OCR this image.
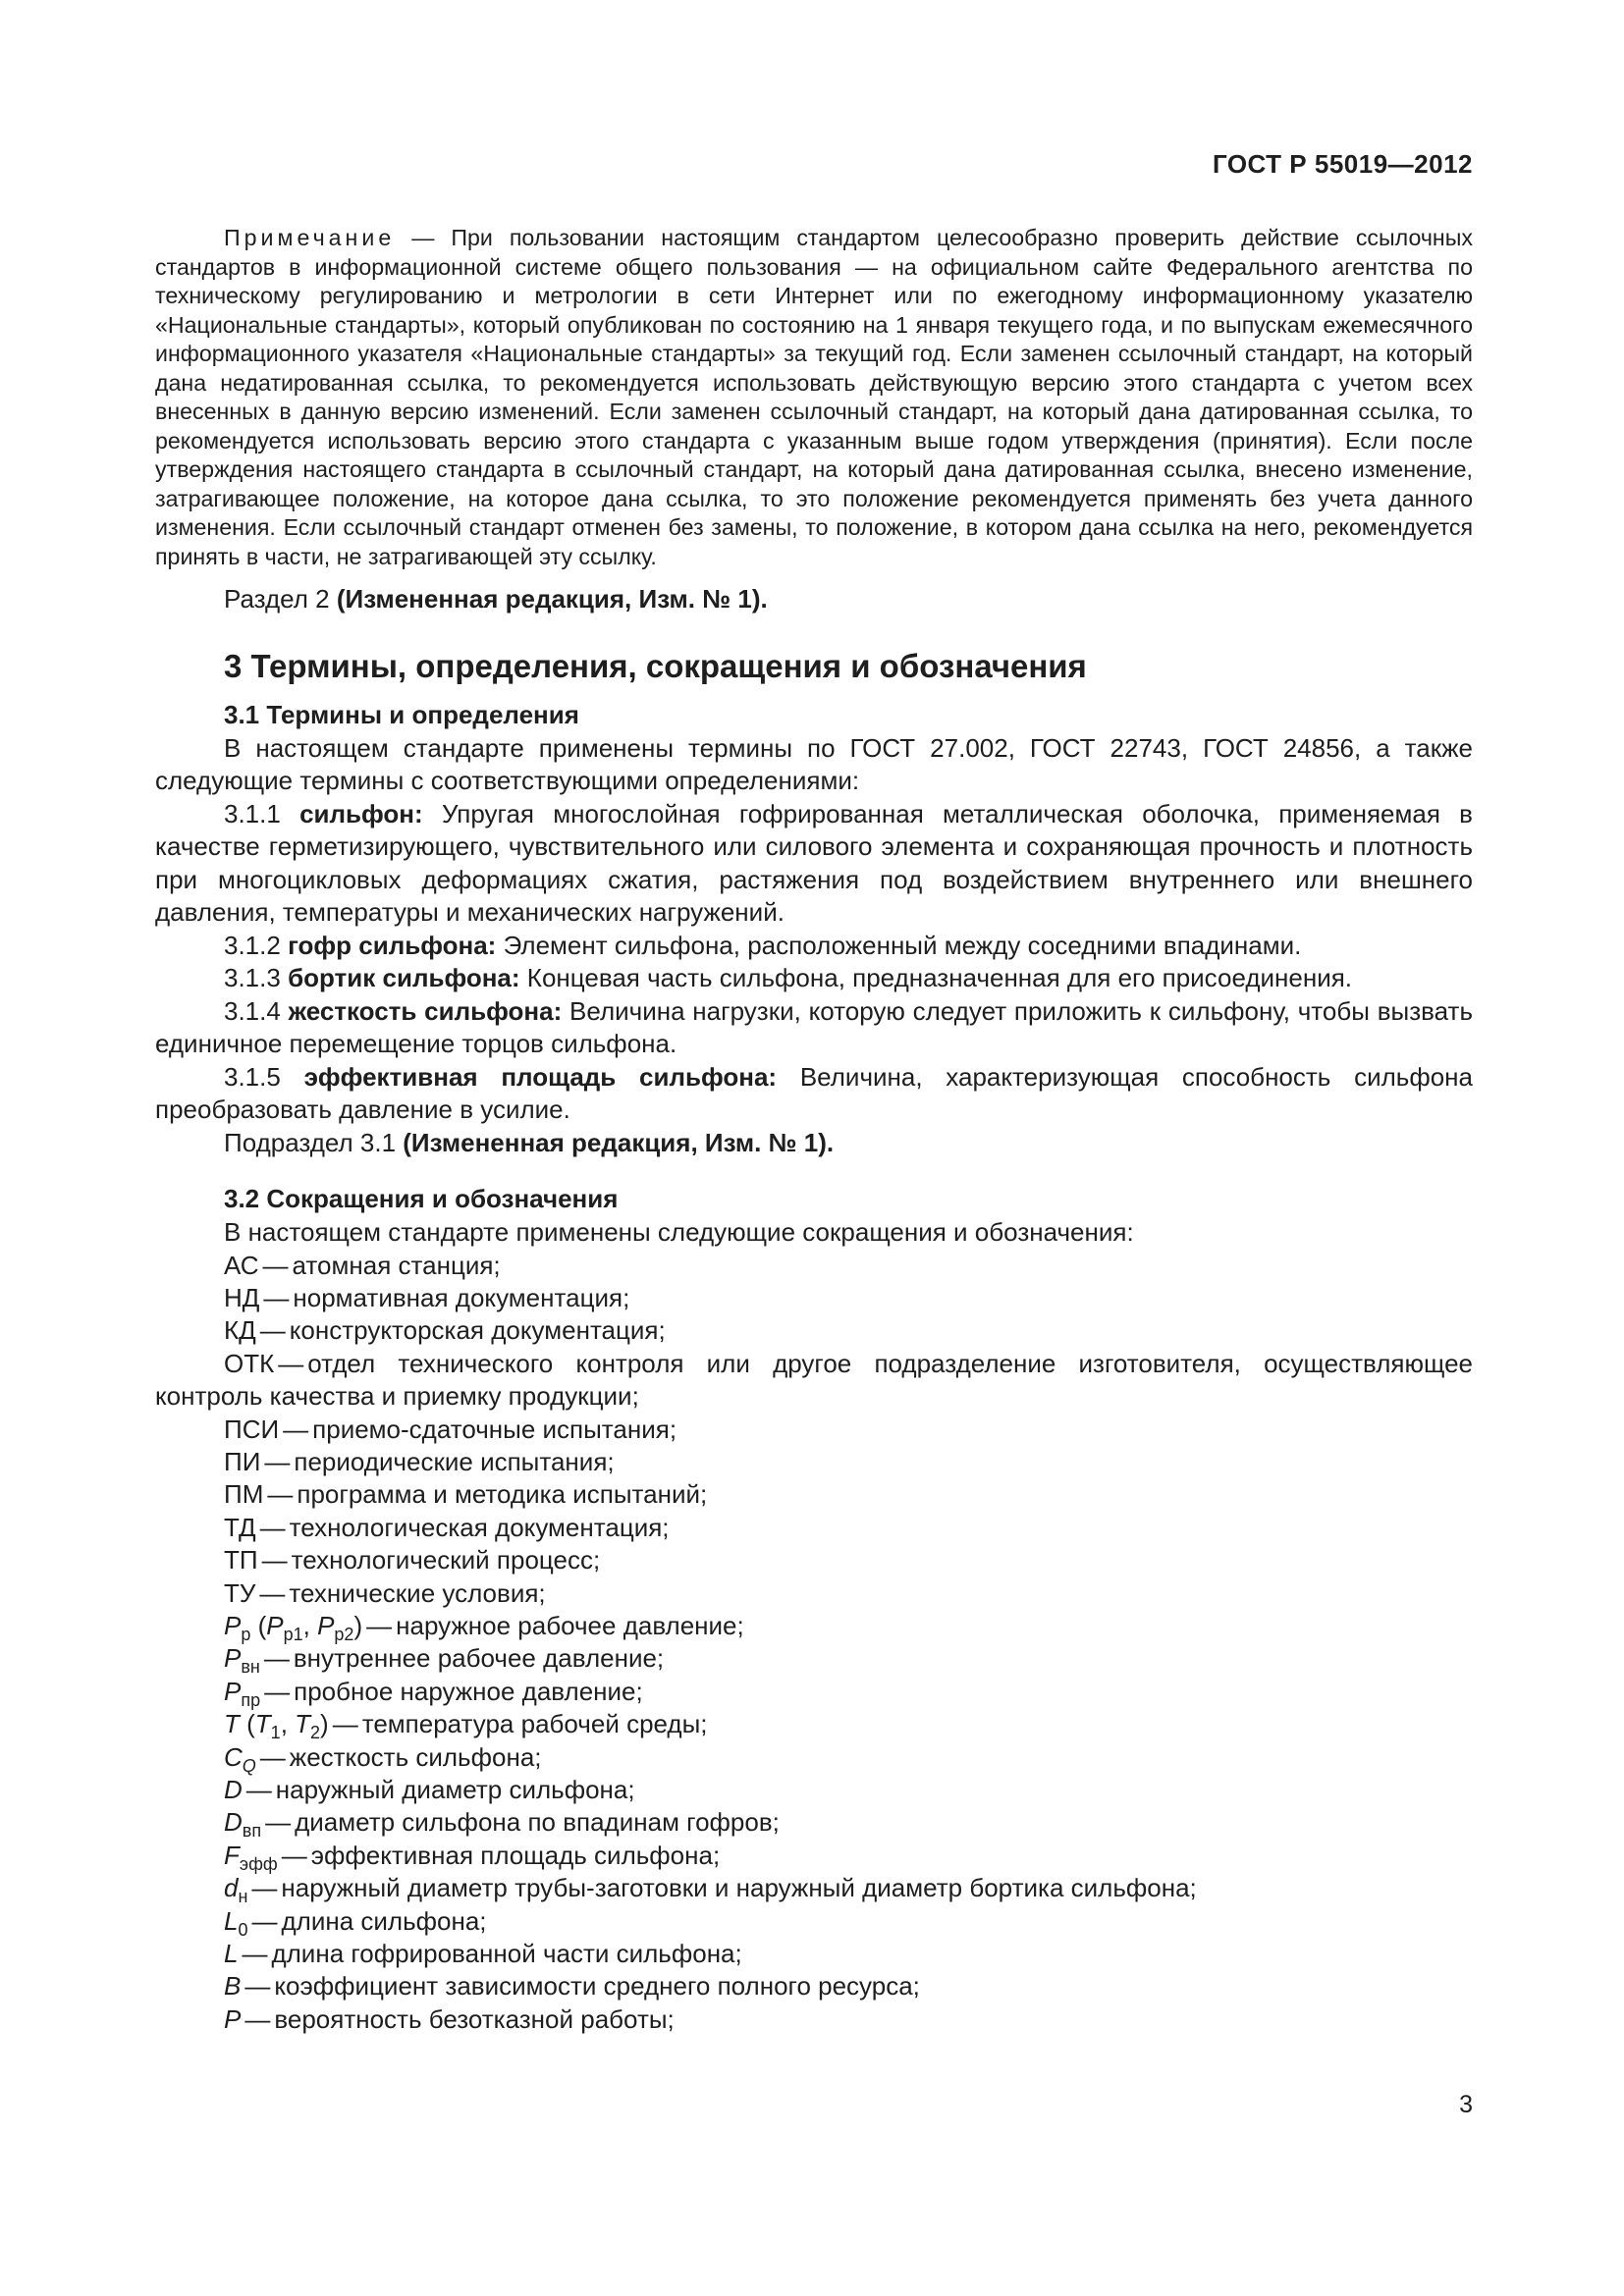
ГОСТ Р 55019—2012

Примечание — При пользовании настоящим стандартом целесообразно проверить действие ссылочных стандартов в информационной системе общего пользования — на официальном сайте Федерального агентства по техническому регулированию и метрологии в сети Интернет или по ежегодному информационному указателю «Национальные стандарты», который опубликован по состоянию на 1 января текущего года, и по выпускам ежемесячного информационного указателя «Национальные стандарты» за текущий год. Если заменен ссылочный стандарт, на который дана недатированная ссылка, то рекомендуется использовать действующую версию этого стандарта с учетом всех внесенных в данную версию изменений. Если заменен ссылочный стандарт, на который дана датированная ссылка, то рекомендуется использовать версию этого стандарта с указанным выше годом утверждения (принятия). Если после утверждения настоящего стандарта в ссылочный стандарт, на который дана датированная ссылка, внесено изменение, затрагивающее положение, на которое дана ссылка, то это положение рекомендуется применять без учета данного изменения. Если ссылочный стандарт отменен без замены, то положение, в котором дана ссылка на него, рекомендуется принять в части, не затрагивающей эту ссылку.

Раздел 2 (Измененная редакция, Изм. № 1).

3 Термины, определения, сокращения и обозначения
3.1 Термины и определения

В настоящем стандарте применены термины по ГОСТ 27.002, ГОСТ 22743, ГОСТ 24856, а также следующие термины с соответствующими определениями:

3.1.1 сильфон: Упругая многослойная гофрированная металлическая оболочка, применяемая в качестве герметизирующего, чувствительного или силового элемента и сохраняющая прочность и плотность при многоцикловых деформациях сжатия, растяжения под воздействием внутреннего или внешнего давления, температуры и механических нагружений.

3.1.2 гофр сильфона: Элемент сильфона, расположенный между соседними впадинами.

3.1.3 бортик сильфона: Концевая часть сильфона, предназначенная для его присоединения.

3.1.4 жесткость сильфона: Величина нагрузки, которую следует приложить к сильфону, чтобы вызвать единичное перемещение торцов сильфона.

3.1.5 эффективная площадь сильфона: Величина, характеризующая способность сильфона преобразовать давление в усилие.

Подраздел 3.1 (Измененная редакция, Изм. № 1).

3.2 Сокращения и обозначения

В настоящем стандарте применены следующие сокращения и обозначения:

АС — атомная станция;
НД — нормативная документация;
КД — конструкторская документация;
ОТК — отдел технического контроля или другое подразделение изготовителя, осуществляющее контроль качества и приемку продукции;
ПСИ — приемо-сдаточные испытания;
ПИ — периодические испытания;
ПМ — программа и методика испытаний;
ТД — технологическая документация;
ТП — технологический процесс;
ТУ — технические условия;
$P_р$ ($P_{р1}$, $P_{р2}$) — наружное рабочее давление;
$P_{вн}$ — внутреннее рабочее давление;
$P_{пр}$ — пробное наружное давление;
T ($T_1$, $T_2$) — температура рабочей среды;
$C_Q$ — жесткость сильфона;
D — наружный диаметр сильфона;
$D_{вп}$ — диаметр сильфона по впадинам гофров;
$F_{эфф}$ — эффективная площадь сильфона;
$d_н$ — наружный диаметр трубы-заготовки и наружный диаметр бортика сильфона;
$L_0$ — длина сильфона;
L — длина гофрированной части сильфона;
B — коэффициент зависимости среднего полного ресурса;
P — вероятность безотказной работы;
3
